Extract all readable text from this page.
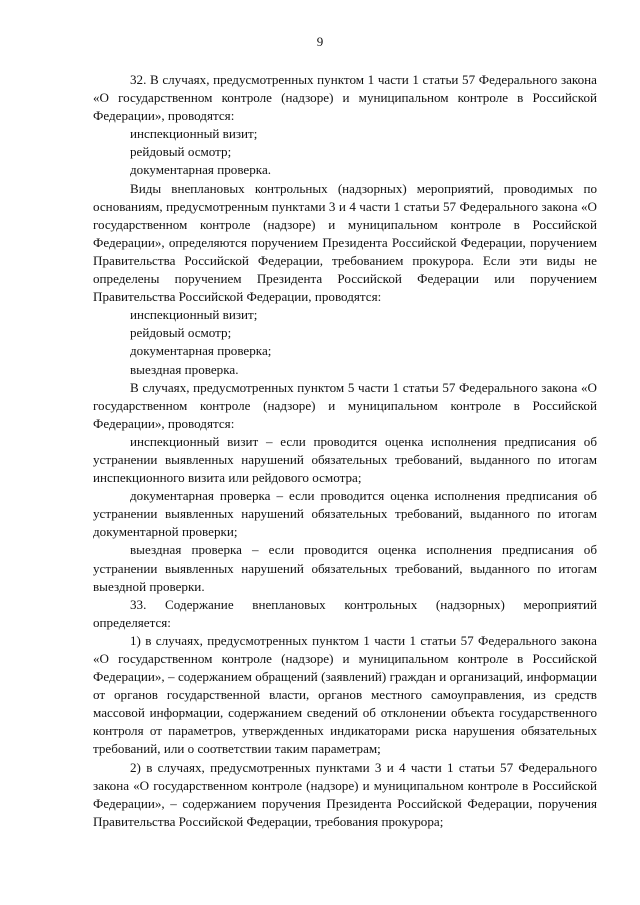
9

32. В случаях, предусмотренных пунктом 1 части 1 статьи 57 Федерального закона «О государственном контроле (надзоре) и муниципальном контроле в Российской Федерации», проводятся:

инспекционный визит;

рейдовый осмотр;

документарная проверка.

Виды внеплановых контрольных (надзорных) мероприятий, проводимых по основаниям, предусмотренным пунктами 3 и 4 части 1 статьи 57 Федерального закона «О государственном контроле (надзоре) и муниципальном контроле в Российской Федерации», определяются поручением Президента Российской Федерации, поручением Правительства Российской Федерации, требованием прокурора. Если эти виды не определены поручением Президента Российской Федерации или поручением Правительства Российской Федерации, проводятся:

инспекционный визит;

рейдовый осмотр;

документарная проверка;

выездная проверка.

В случаях, предусмотренных пунктом 5 части 1 статьи 57 Федерального закона «О государственном контроле (надзоре) и муниципальном контроле в Российской Федерации», проводятся:

инспекционный визит – если проводится оценка исполнения предписания об устранении выявленных нарушений обязательных требований, выданного по итогам инспекционного визита или рейдового осмотра;

документарная проверка – если проводится оценка исполнения предписания об устранении выявленных нарушений обязательных требований, выданного по итогам документарной проверки;

выездная проверка – если проводится оценка исполнения предписания об устранении выявленных нарушений обязательных требований, выданного по итогам выездной проверки.

33. Содержание внеплановых контрольных (надзорных) мероприятий определяется:

1) в случаях, предусмотренных пунктом 1 части 1 статьи 57 Федерального закона «О государственном контроле (надзоре) и муниципальном контроле в Российской Федерации», – содержанием обращений (заявлений) граждан и организаций, информации от органов государственной власти, органов местного самоуправления, из средств массовой информации, содержанием сведений об отклонении объекта государственного контроля от параметров, утвержденных индикаторами риска нарушения обязательных требований, или о соответствии таким параметрам;

2) в случаях, предусмотренных пунктами 3 и 4 части 1 статьи 57 Федерального закона «О государственном контроле (надзоре) и муниципальном контроле в Российской Федерации», – содержанием поручения Президента Российской Федерации, поручения Правительства Российской Федерации, требования прокурора;
